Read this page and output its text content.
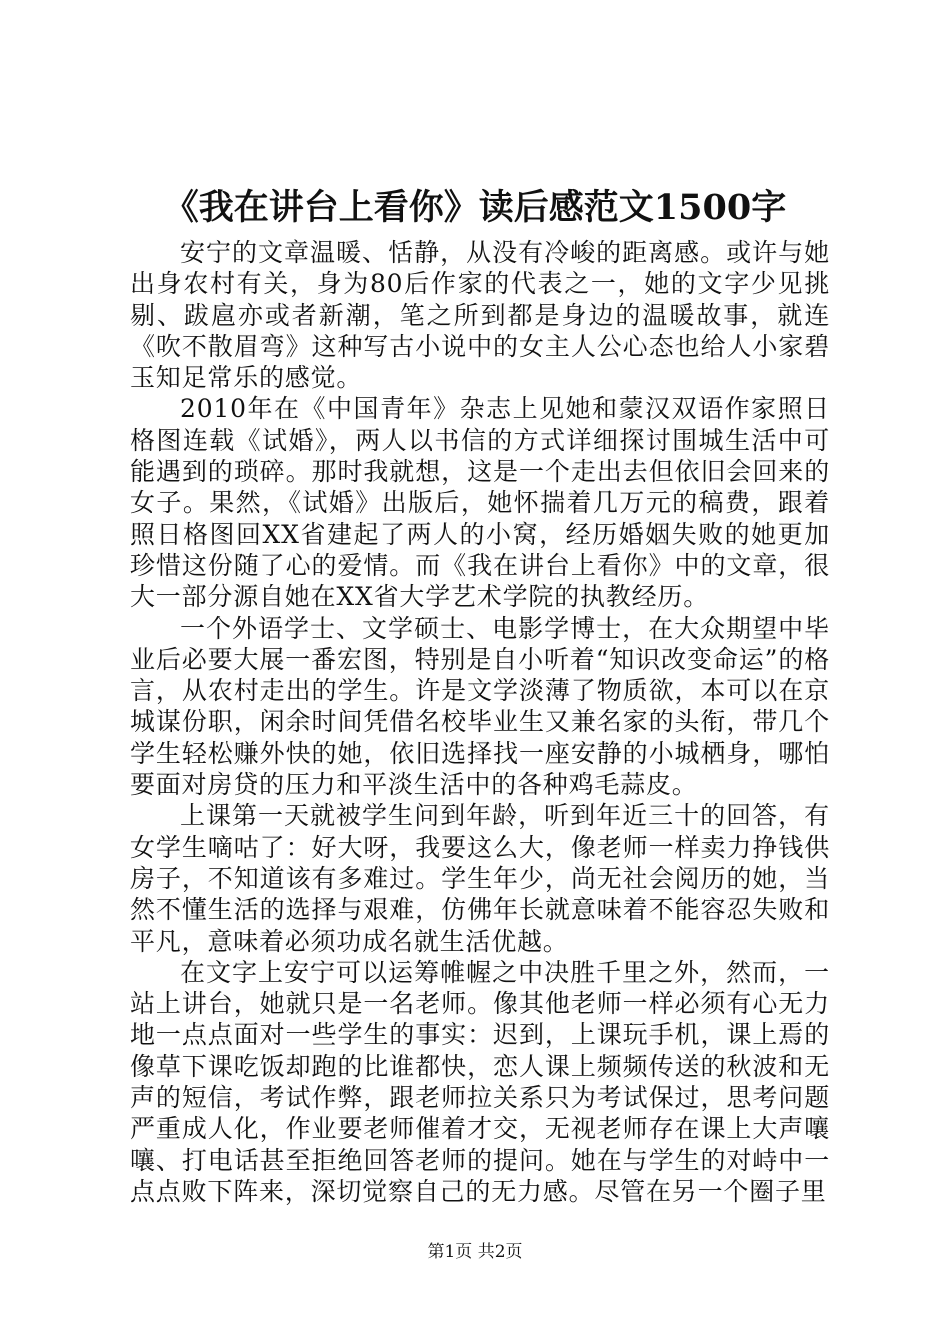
《我在讲台上看你》读后感范文1500字

安宁的文章温暖、恬静，从没有冷峻的距离感。或许与她出身农村有关，身为80后作家的代表之一，她的文字少见挑剔、跋扈亦或者新潮，笔之所到都是身边的温暖故事，就连《吹不散眉弯》这种写古小说中的女主人公心态也给人小家碧玉知足常乐的感觉。

2010年在《中国青年》杂志上见她和蒙汉双语作家照日格图连载《试婚》，两人以书信的方式详细探讨围城生活中可能遇到的琐碎。那时我就想，这是一个走出去但依旧会回来的女子。果然，《试婚》出版后，她怀揣着几万元的稿费，跟着照日格图回XX省建起了两人的小窝，经历婚姻失败的她更加珍惜这份随了心的爱情。而《我在讲台上看你》中的文章，很大一部分源自她在XX省大学艺术学院的执教经历。

一个外语学士、文学硕士、电影学博士，在大众期望中毕业后必要大展一番宏图，特别是自小听着“知识改变命运”的格言，从农村走出的学生。许是文学淡薄了物质欲，本可以在京城谋份职，闲余时间凭借名校毕业生又兼名家的头衔，带几个学生轻松赚外快的她，依旧选择找一座安静的小城栖身，哪怕要面对房贷的压力和平淡生活中的各种鸡毛蒜皮。

上课第一天就被学生问到年龄，听到年近三十的回答，有女学生嘀咕了：好大呀，我要这么大，像老师一样卖力挣钱供房子，不知道该有多难过。学生年少，尚无社会阅历的她，当然不懂生活的选择与艰难，仿佛年长就意味着不能容忍失败和平凡，意味着必须功成名就生活优越。

在文字上安宁可以运筹帷幄之中决胜千里之外，然而，一站上讲台，她就只是一名老师。像其他老师一样必须有心无力地一点点面对一些学生的事实：迟到，上课玩手机，课上焉的像草下课吃饭却跑的比谁都快，恋人课上频频传送的秋波和无声的短信，考试作弊，跟老师拉关系只为考试保过，思考问题严重成人化，作业要老师催着才交，无视老师存在课上大声嚷嚷、打电话甚至拒绝回答老师的提问。她在与学生的对峙中一点点败下阵来，深切觉察自己的无力感。尽管在另一个圈子里

第1页 共2页
